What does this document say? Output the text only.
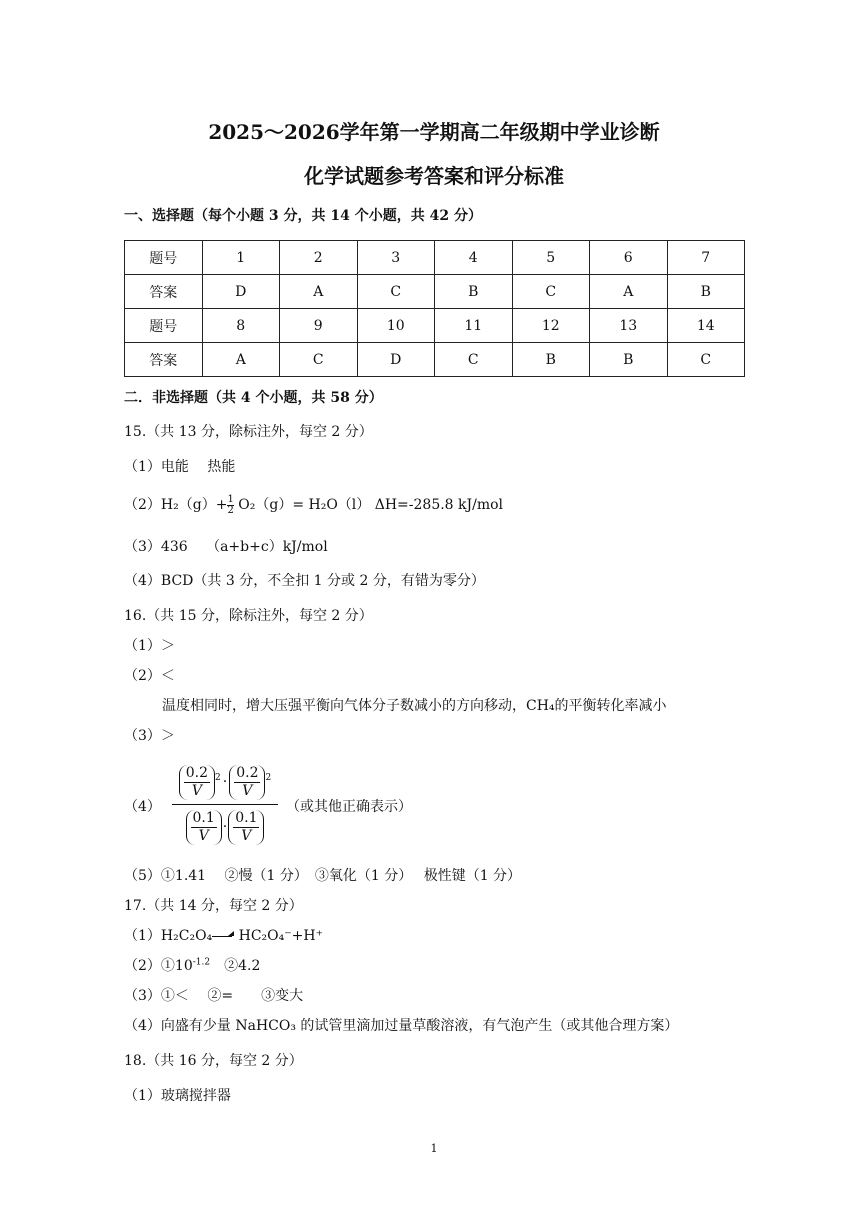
2025～2026学年第一学期高二年级期中学业诊断
化学试题参考答案和评分标准
一、选择题（每个小题 3 分，共 14 个小题，共 42 分）
题号	1	2	3	4	5	6	7
答案	D	A	C	B	C	A	B
题号	8	9	10	11	12	13	14
答案	A	C	D	C	B	B	C
二．非选择题（共 4 个小题，共 58 分）
15.（共 13 分，除标注外，每空 2 分）
（1）电能　 热能
$(2)H_2(g)+ \frac{1}{2} O_2(g)= H_2O(l)$ ΔH=-285.8 kJ/mol
（3）436　 （a+b+c）kJ/mol
（4）BCD（共 3 分，不全扣 1 分或 2 分，有错为零分）
16.（共 15 分，除标注外，每空 2 分）
（1）＞
（2）＜
温度相同时，增大压强平衡向气体分子数减小的方向移动，CH₄的平衡转化率减小
（3）＞
（4）
$\frac{0.2}{V} 2 \cdot \frac{0.2}{V} 2$
$\frac{0.1}{V} \cdot \frac{0.1}{V}$
（或其他正确表示）
（5）①1.41　 ②慢（1 分）　③氧化（1 分）　 极性键（1 分）
17.（共 14 分，每空 2 分）
（1）H₂C₂O₄ HC₂O₄⁻+H⁺
$(2)①10^{-1.2}$　②4.2
（3）①＜　 ②=　　③变大
（4）向盛有少量 NaHCO₃ 的试管里滴加过量草酸溶液，有气泡产生（或其他合理方案）
18.（共 16 分，每空 2 分）
（1）玻璃搅拌器
1
